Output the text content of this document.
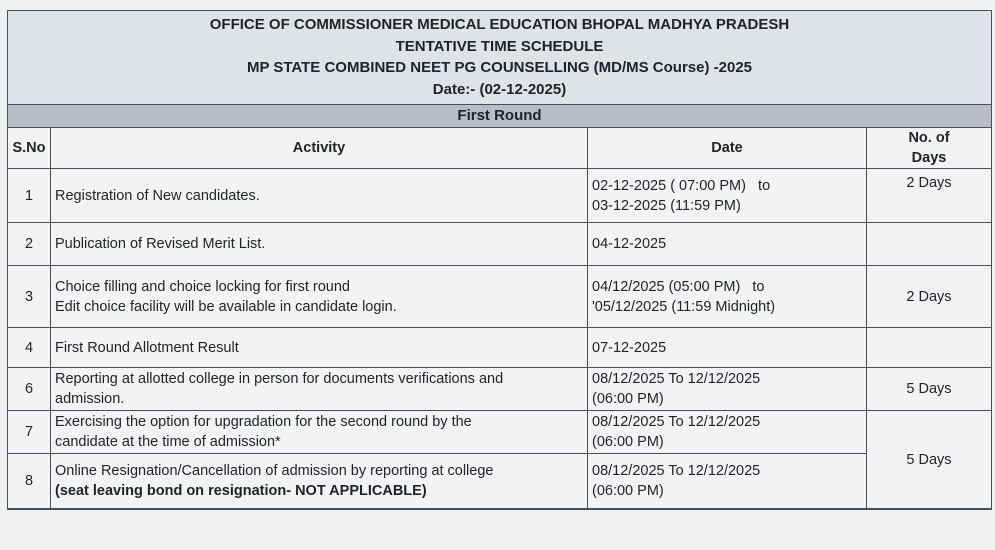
OFFICE OF COMMISSIONER MEDICAL EDUCATION BHOPAL MADHYA PRADESH
TENTATIVE TIME SCHEDULE
MP STATE COMBINED NEET PG COUNSELLING (MD/MS Course) -2025
Date:- (02-12-2025)
First Round
S.No	Activity	Date	No. of
Days

1	Registration of New candidates.	02-12-2025 ( 07:00 PM)   to
03-12-2025 (11:59 PM)	2 Days
2	Publication of Revised Merit List.	04-12-2025	

3	Choice filling and choice locking for first round
Edit choice facility will be available in candidate login.	04/12/2025 (05:00 PM)   to
'05/12/2025 (11:59 Midnight)	2 Days
4	First Round Allotment Result	07-12-2025	

6	Reporting at allotted college in person for documents verifications and
admission.	08/12/2025 To 12/12/2025
(06:00 PM)	5 Days
7	Exercising the option for upgradation for the second round by the
candidate at the time of admission*	08/12/2025 To 12/12/2025
(06:00 PM)	5 Days
8	Online Resignation/Cancellation of admission by reporting at college
(seat leaving bond on resignation- NOT APPLICABLE)	08/12/2025 To 12/12/2025
(06:00 PM)	
